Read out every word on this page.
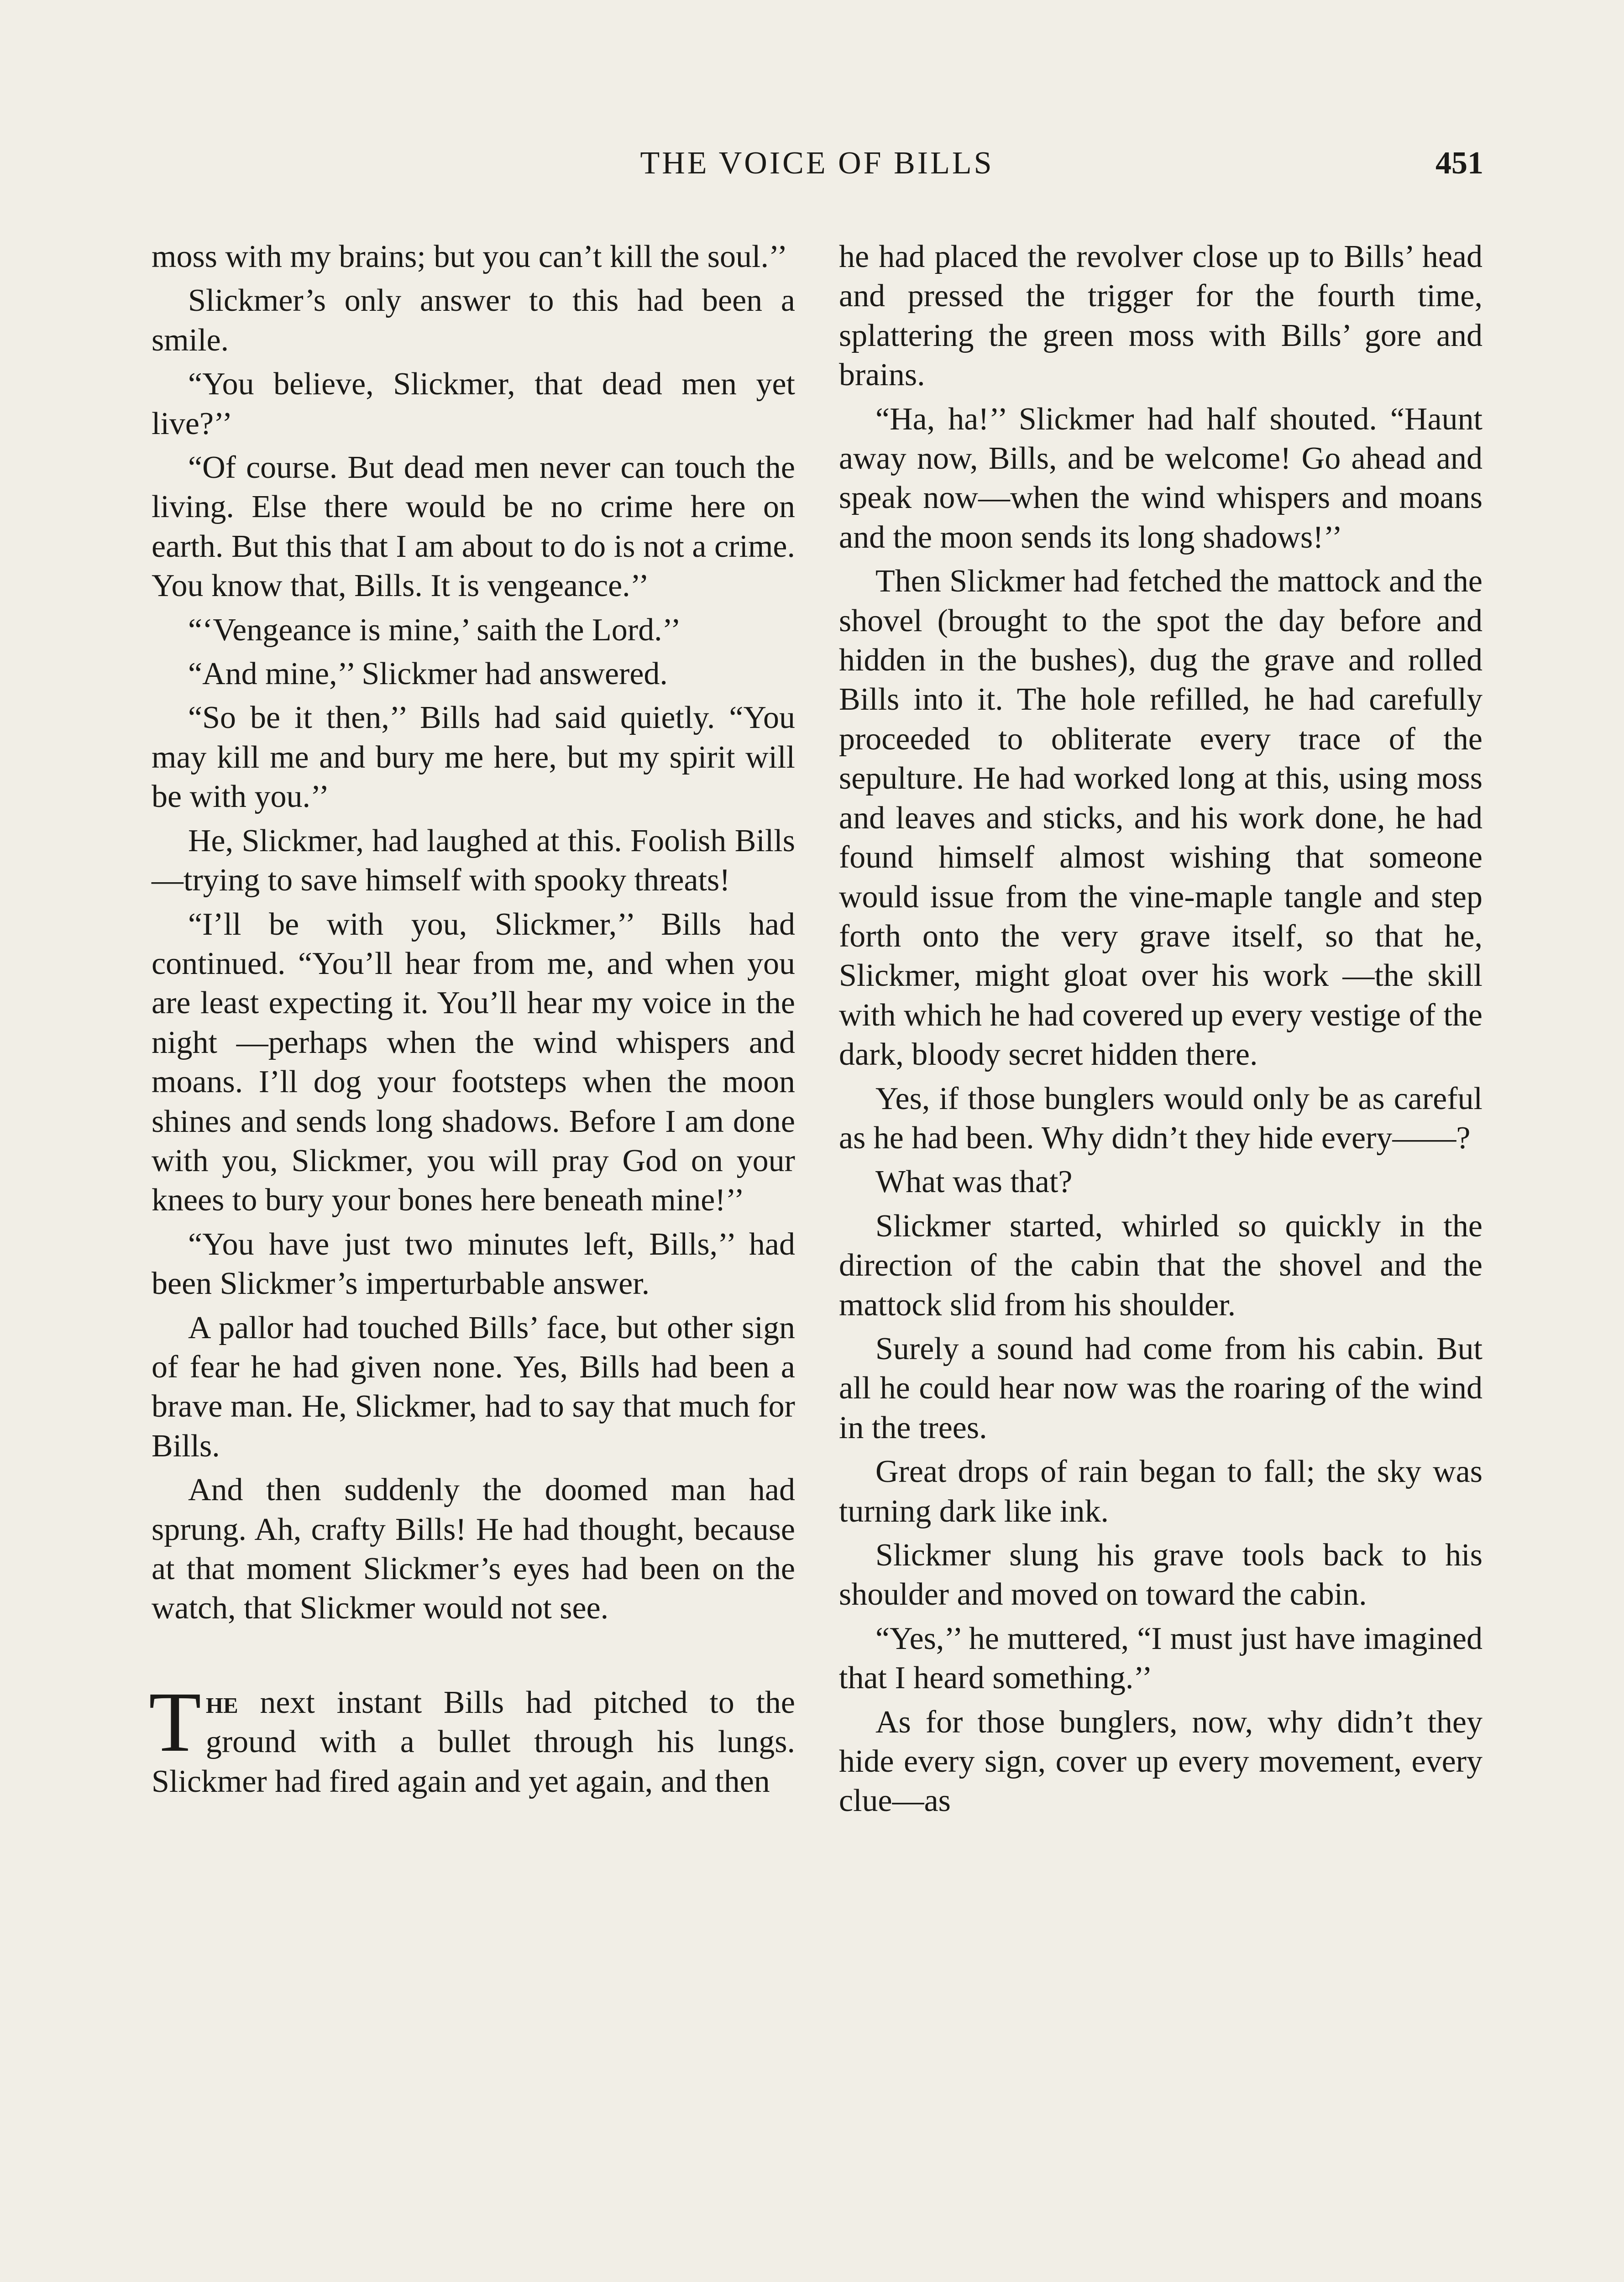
THE VOICE OF BILLS	451

moss with my brains; but you can’t kill the soul.’’

Slickmer’s only answer to this had been a smile.

“You believe, Slickmer, that dead men yet live?’’

“Of course. But dead men never can touch the living. Else there would be no crime here on earth. But this that I am about to do is not a crime. You know that, Bills. It is vengeance.’’

“‘Vengeance is mine,’ saith the Lord.’’

“And mine,’’ Slickmer had answered.

“So be it then,’’ Bills had said quietly. “You may kill me and bury me here, but my spirit will be with you.’’

He, Slickmer, had laughed at this. Foolish Bills—trying to save himself with spooky threats!

“I’ll be with you, Slickmer,’’ Bills had continued. “You’ll hear from me, and when you are least expecting it. You’ll hear my voice in the night —perhaps when the wind whispers and moans. I’ll dog your footsteps when the moon shines and sends long shadows. Before I am done with you, Slickmer, you will pray God on your knees to bury your bones here beneath mine!’’

“You have just two minutes left, Bills,’’ had been Slickmer’s imperturbable answer.

A pallor had touched Bills’ face, but other sign of fear he had given none. Yes, Bills had been a brave man. He, Slickmer, had to say that much for Bills.

And then suddenly the doomed man had sprung. Ah, crafty Bills! He had thought, because at that moment Slickmer’s eyes had been on the watch, that Slickmer would not see.

The next instant Bills had pitched to the ground with a bullet through his lungs. Slickmer had fired again and yet again, and then

he had placed the revolver close up to Bills’ head and pressed the trigger for the fourth time, splattering the green moss with Bills’ gore and brains.

“Ha, ha!’’ Slickmer had half shouted. “Haunt away now, Bills, and be welcome! Go ahead and speak now—when the wind whispers and moans and the moon sends its long shadows!’’

Then Slickmer had fetched the mattock and the shovel (brought to the spot the day before and hidden in the bushes), dug the grave and rolled Bills into it. The hole refilled, he had carefully proceeded to obliterate every trace of the sepulture. He had worked long at this, using moss and leaves and sticks, and his work done, he had found himself almost wishing that someone would issue from the vine-maple tangle and step forth onto the very grave itself, so that he, Slickmer, might gloat over his work —the skill with which he had covered up every vestige of the dark, bloody secret hidden there.

Yes, if those bunglers would only be as careful as he had been. Why didn’t they hide every——?

What was that?

Slickmer started, whirled so quickly in the direction of the cabin that the shovel and the mattock slid from his shoulder.

Surely a sound had come from his cabin. But all he could hear now was the roaring of the wind in the trees.

Great drops of rain began to fall; the sky was turning dark like ink.

Slickmer slung his grave tools back to his shoulder and moved on toward the cabin.

“Yes,’’ he muttered, “I must just have imagined that I heard something.’’

As for those bunglers, now, why didn’t they hide every sign, cover up every movement, every clue—as
